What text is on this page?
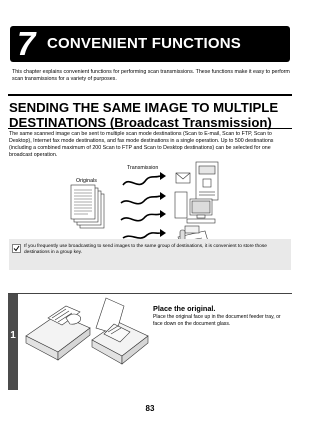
7 CONVENIENT FUNCTIONS
This chapter explains convenient functions for performing scan transmissions. These functions make it easy to perform scan transmissions for a variety of purposes.
SENDING THE SAME IMAGE TO MULTIPLE DESTINATIONS (Broadcast Transmission)
The same scanned image can be sent to multiple scan mode destinations (Scan to E-mail, Scan to FTP, Scan to Desktop), Internet fax mode destinations, and fax mode destinations in a single operation. Up to 500 destinations (including a combined maximum of 200 Scan to FTP and Scan to Desktop destinations) can be selected for one broadcast operation.
Transmission
Originals
If you frequently use broadcasting to send images to the same group of destinations, it is convenient to store those destinations in a group key.
1
Place the original.
Place the original face up in the document feeder tray, or face down on the document glass.
83
